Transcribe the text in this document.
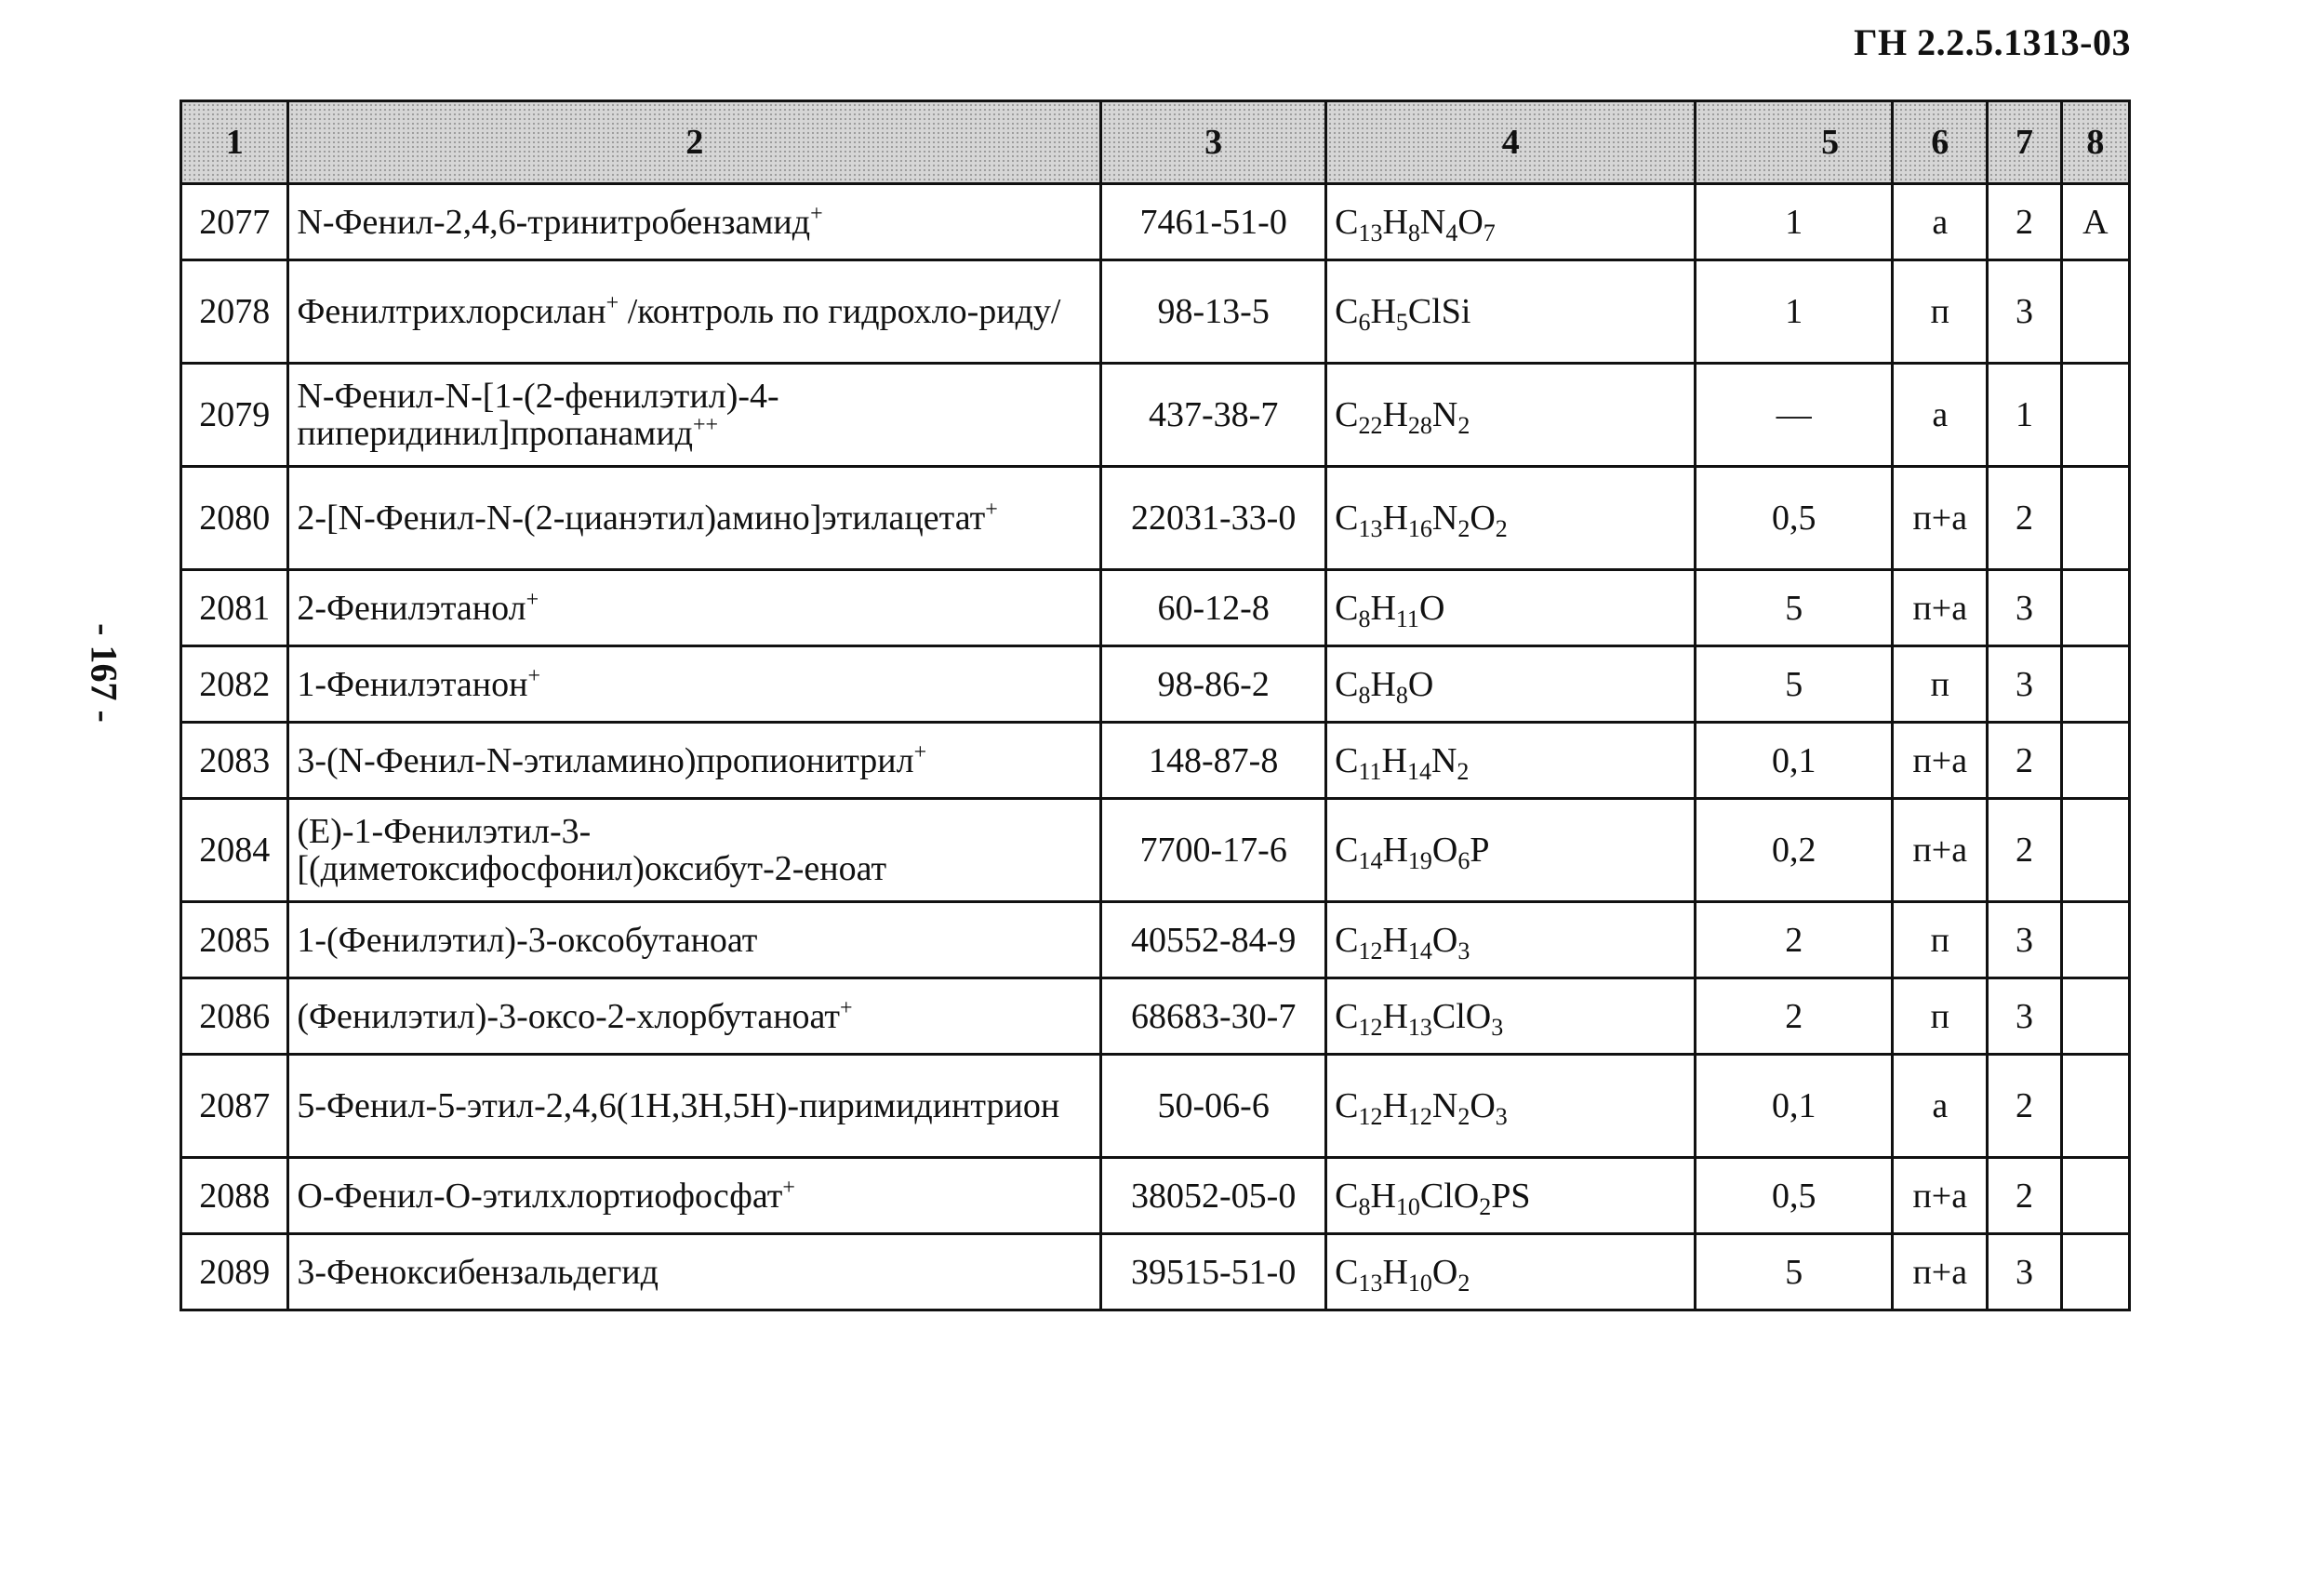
ГН 2.2.5.1313-03
- 167 -
1	2	3	4	5	6	7	8
2077	N-Фенил-2,4,6-тринитробензамид+	7461-51-0	$C_{13}H_8N_4O_7$	1	а	2	А
2078	Фенилтрихлорсилан+ /контроль по гидрохло-риду/	98-13-5	$C_6H_5ClSi$	1	п	3	
2079	N-Фенил-N-[1-(2-фенилэтил)-4-пиперидинил]пропанамид++	437-38-7	$C_{22}H_{28}N_2$	—	а	1	
2080	2-[N-Фенил-N-(2-цианэтил)амино]этилацетат+	22031-33-0	$C_{13}H_{16}N_2O_2$	0,5	п+а	2	
2081	2-Фенилэтанол+	60-12-8	$C_8H_{11}O$	5	п+а	3	
2082	1-Фенилэтанон+	98-86-2	$C_8H_8O$	5	п	3	
2083	3-(N-Фенил-N-этиламино)пропионитрил+	148-87-8	$C_{11}H_{14}N_2$	0,1	п+а	2	
2084	(E)-1-Фенилэтил-3-[(диметоксифосфонил)оксибут-2-еноат	7700-17-6	$C_{14}H_{19}O_6P$	0,2	п+а	2	
2085	1-(Фенилэтил)-3-оксобутаноат	40552-84-9	$C_{12}H_{14}O_3$	2	п	3	
2086	(Фенилэтил)-3-оксо-2-хлорбутаноат+	68683-30-7	$C_{12}H_{13}ClO_3$	2	п	3	
2087	5-Фенил-5-этил-2,4,6(1H,3H,5H)-пиримидинтрион	50-06-6	$C_{12}H_{12}N_2O_3$	0,1	а	2	
2088	O-Фенил-O-этилхлортиофосфат+	38052-05-0	$C_8H_{10}ClO_2PS$	0,5	п+а	2	
2089	3-Феноксибензальдегид	39515-51-0	$C_{13}H_{10}O_2$	5	п+а	3	
